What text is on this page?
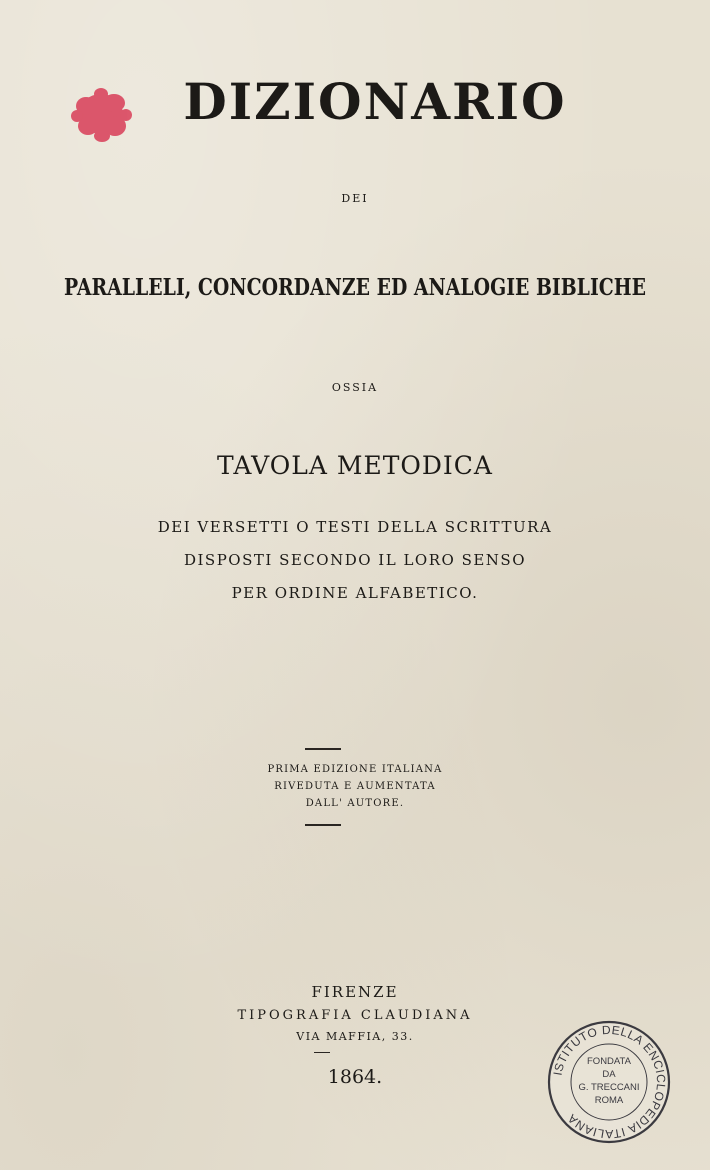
DIZIONARIO
DEI
PARALLELI, CONCORDANZE ED ANALOGIE BIBLICHE
OSSIA
TAVOLA METODICA
DEI VERSETTI O TESTI DELLA SCRITTURA
DISPOSTI SECONDO IL LORO SENSO
PER ORDINE ALFABETICO.
PRIMA EDIZIONE ITALIANA
RIVEDUTA E AUMENTATA
DALL' AUTORE.
FIRENZE
TIPOGRAFIA CLAUDIANA
VIA MAFFIA, 33.
1864.	ISTITUTO DELLA ENCICLOPEDIA ITALIANA
FONDATA
DA
G. TRECCANI
ROMA
